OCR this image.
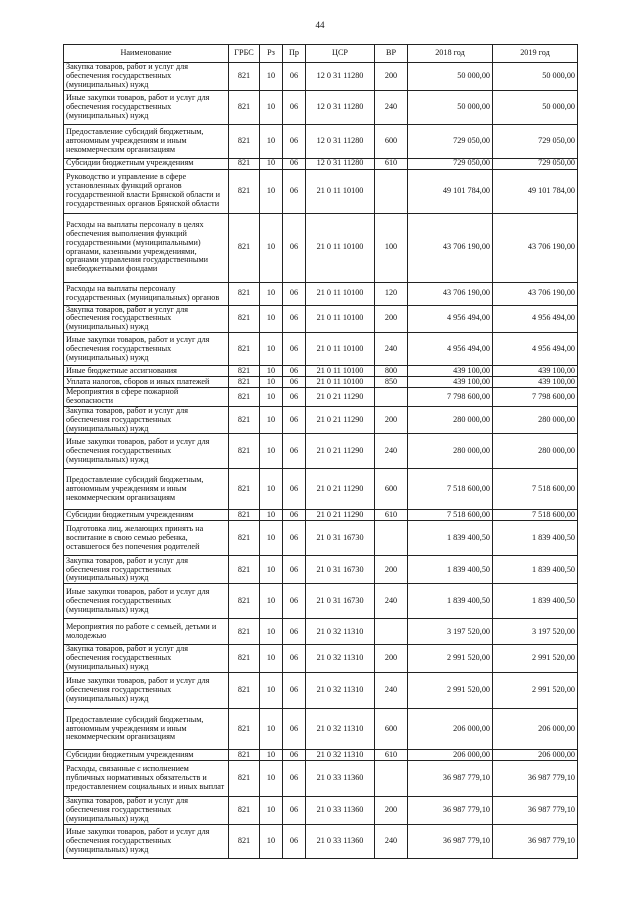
44
Наименование	ГРБС	Рз	Пр	ЦСР	ВР	2018 год	2019 год
Закупка товаров, работ и услуг для обеспечения государственных (муниципальных) нужд	821	10	06	12 0 31 11280	200	50 000,00	50 000,00
Иные закупки товаров, работ и услуг для обеспечения государственных (муниципальных) нужд	821	10	06	12 0 31 11280	240	50 000,00	50 000,00
Предоставление субсидий бюджетным, автономным учреждениям и иным некоммерческим организациям	821	10	06	12 0 31 11280	600	729 050,00	729 050,00
Субсидии бюджетным учреждениям	821	10	06	12 0 31 11280	610	729 050,00	729 050,00
Руководство и управление в сфере установленных функций органов государственной власти Брянской области и государственных органов Брянской области	821	10	06	21 0 11 10100		49 101 784,00	49 101 784,00
Расходы на выплаты персоналу в целях обеспечения выполнения функций государственными (муниципальными) органами, казенными учреждениями, органами управления государственными внебюджетными фондами	821	10	06	21 0 11 10100	100	43 706 190,00	43 706 190,00
Расходы на выплаты персоналу государственных (муниципальных) органов	821	10	06	21 0 11 10100	120	43 706 190,00	43 706 190,00
Закупка товаров, работ и услуг для обеспечения государственных (муниципальных) нужд	821	10	06	21 0 11 10100	200	4 956 494,00	4 956 494,00
Иные закупки товаров, работ и услуг для обеспечения государственных (муниципальных) нужд	821	10	06	21 0 11 10100	240	4 956 494,00	4 956 494,00
Иные бюджетные ассигнования	821	10	06	21 0 11 10100	800	439 100,00	439 100,00
Уплата налогов, сборов и иных платежей	821	10	06	21 0 11 10100	850	439 100,00	439 100,00
Мероприятия в сфере пожарной безопасности	821	10	06	21 0 21 11290		7 798 600,00	7 798 600,00
Закупка товаров, работ и услуг для обеспечения государственных (муниципальных) нужд	821	10	06	21 0 21 11290	200	280 000,00	280 000,00
Иные закупки товаров, работ и услуг для обеспечения государственных (муниципальных) нужд	821	10	06	21 0 21 11290	240	280 000,00	280 000,00
Предоставление субсидий бюджетным, автономным учреждениям и иным некоммерческим организациям	821	10	06	21 0 21 11290	600	7 518 600,00	7 518 600,00
Субсидии бюджетным учреждениям	821	10	06	21 0 21 11290	610	7 518 600,00	7 518 600,00
Подготовка лиц, желающих принять на воспитание в свою семью ребенка, оставшегося без попечения родителей	821	10	06	21 0 31 16730		1 839 400,50	1 839 400,50
Закупка товаров, работ и услуг для обеспечения государственных (муниципальных) нужд	821	10	06	21 0 31 16730	200	1 839 400,50	1 839 400,50
Иные закупки товаров, работ и услуг для обеспечения государственных (муниципальных) нужд	821	10	06	21 0 31 16730	240	1 839 400,50	1 839 400,50
Мероприятия по работе с семьей, детьми и молодежью	821	10	06	21 0 32 11310		3 197 520,00	3 197 520,00
Закупка товаров, работ и услуг для обеспечения государственных (муниципальных) нужд	821	10	06	21 0 32 11310	200	2 991 520,00	2 991 520,00
Иные закупки товаров, работ и услуг для обеспечения государственных (муниципальных) нужд	821	10	06	21 0 32 11310	240	2 991 520,00	2 991 520,00
Предоставление субсидий бюджетным, автономным учреждениям и иным некоммерческим организациям	821	10	06	21 0 32 11310	600	206 000,00	206 000,00
Субсидии бюджетным учреждениям	821	10	06	21 0 32 11310	610	206 000,00	206 000,00
Расходы, связанные с исполнением публичных нормативных обязательств и предоставлением социальных и иных выплат	821	10	06	21 0 33 11360		36 987 779,10	36 987 779,10
Закупка товаров, работ и услуг для обеспечения государственных (муниципальных) нужд	821	10	06	21 0 33 11360	200	36 987 779,10	36 987 779,10
Иные закупки товаров, работ и услуг для обеспечения государственных (муниципальных) нужд	821	10	06	21 0 33 11360	240	36 987 779,10	36 987 779,10
